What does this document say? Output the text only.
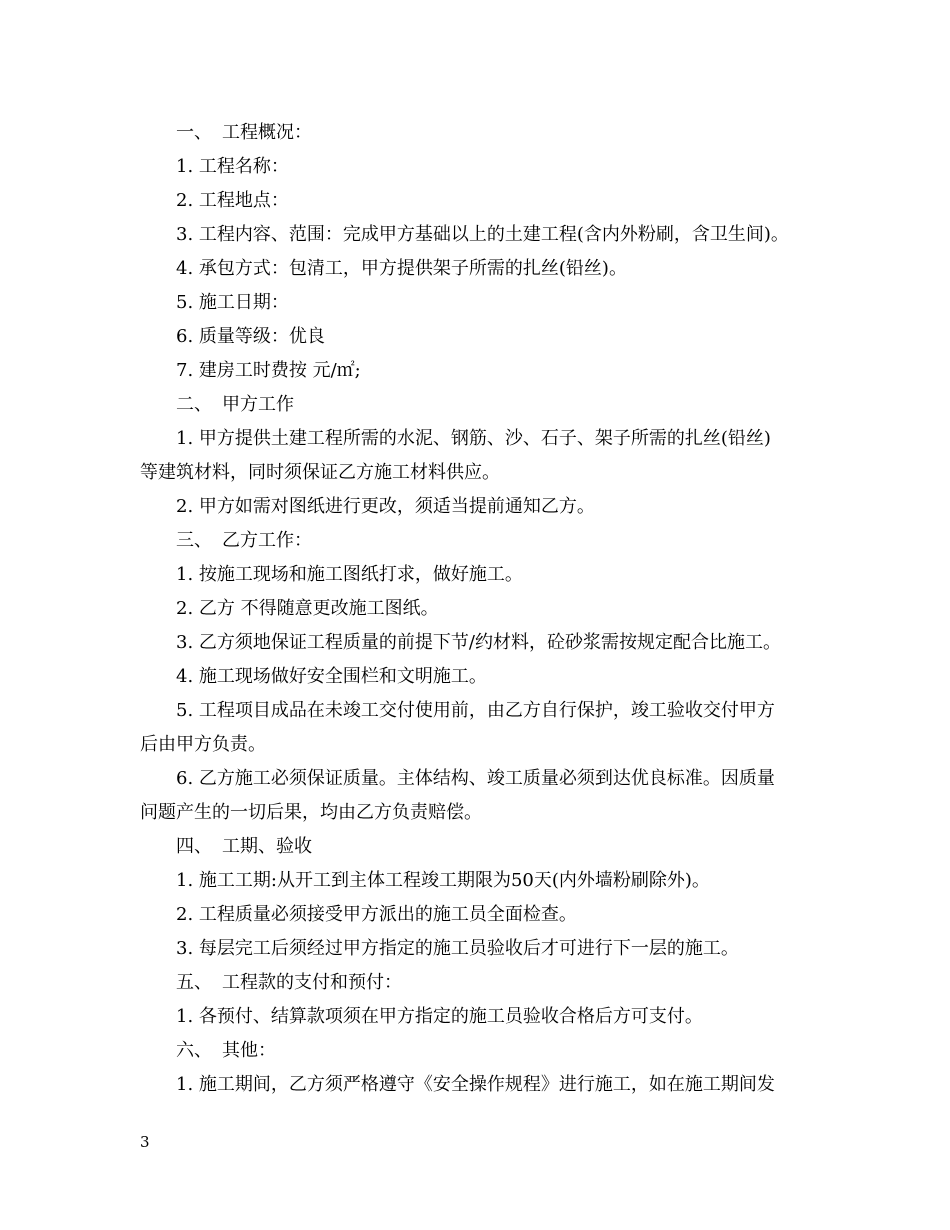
一、 工程概况：
1. 工程名称：
2. 工程地点：
3. 工程内容、范围：完成甲方基础以上的土建工程(含内外粉刷，含卫生间)。
4. 承包方式：包清工，甲方提供架子所需的扎丝(铅丝)。
5. 施工日期：
6. 质量等级：优良
7. 建房工时费按 元/㎡;
二、 甲方工作
1. 甲方提供土建工程所需的水泥、钢筋、沙、石子、架子所需的扎丝(铅丝)
等建筑材料，同时须保证乙方施工材料供应。
2. 甲方如需对图纸进行更改，须适当提前通知乙方。
三、 乙方工作：
1. 按施工现场和施工图纸打求，做好施工。
2. 乙方 不得随意更改施工图纸。
3. 乙方须地保证工程质量的前提下节/约材料，砼砂浆需按规定配合比施工。
4. 施工现场做好安全围栏和文明施工。
5. 工程项目成品在未竣工交付使用前，由乙方自行保护，竣工验收交付甲方
后由甲方负责。
6. 乙方施工必须保证质量。主体结构、竣工质量必须到达优良标准。因质量
问题产生的一切后果，均由乙方负责赔偿。
四、 工期、验收
1. 施工工期:从开工到主体工程竣工期限为50天(内外墙粉刷除外)。
2. 工程质量必须接受甲方派出的施工员全面检查。
3. 每层完工后须经过甲方指定的施工员验收后才可进行下一层的施工。
五、 工程款的支付和预付：
1. 各预付、结算款项须在甲方指定的施工员验收合格后方可支付。
六、 其他：
1. 施工期间，乙方须严格遵守《安全操作规程》进行施工，如在施工期间发
3
